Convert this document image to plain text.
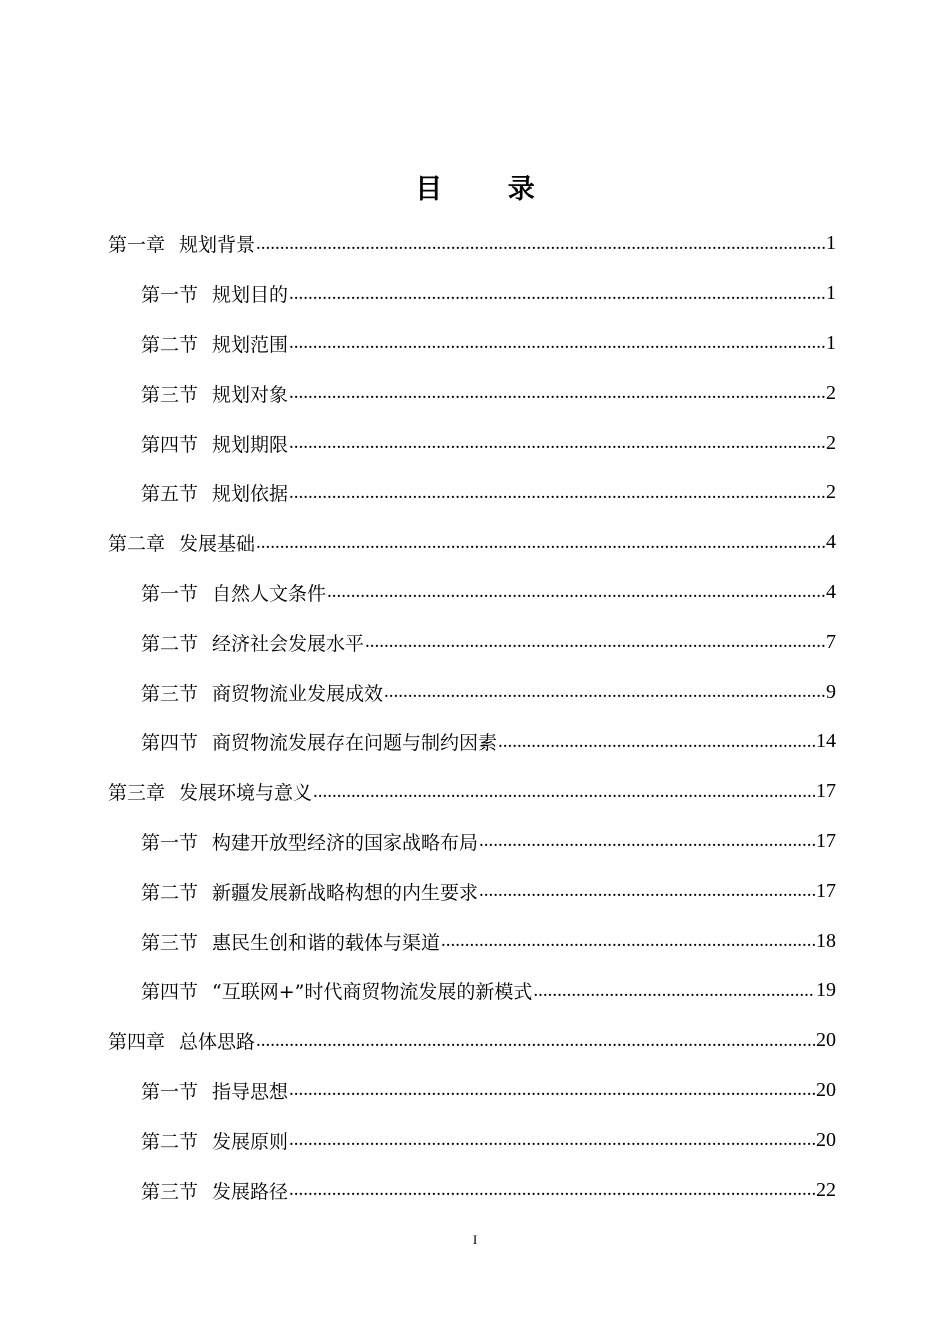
目 录
第一章 规划背景 .....	1
第一节 规划目的 .....	1
第二节 规划范围 .....	1
第三节 规划对象 .....	2
第四节 规划期限 .....	2
第五节 规划依据 .....	2
第二章 发展基础 .....	4
第一节 自然人文条件 .....	4
第二节 经济社会发展水平 .....	7
第三节 商贸物流业发展成效 .....	9
第四节 商贸物流发展存在问题与制约因素 .....	14
第三章 发展环境与意义 .....	17
第一节 构建开放型经济的国家战略布局 .....	17
第二节 新疆发展新战略构想的内生要求 .....	17
第三节 惠民生创和谐的载体与渠道 .....	18
第四节 “互联网+”时代商贸物流发展的新模式 .....	19
第四章 总体思路 .....	20
第一节 指导思想 .....	20
第二节 发展原则 .....	20
第三节 发展路径 .....	22
I
